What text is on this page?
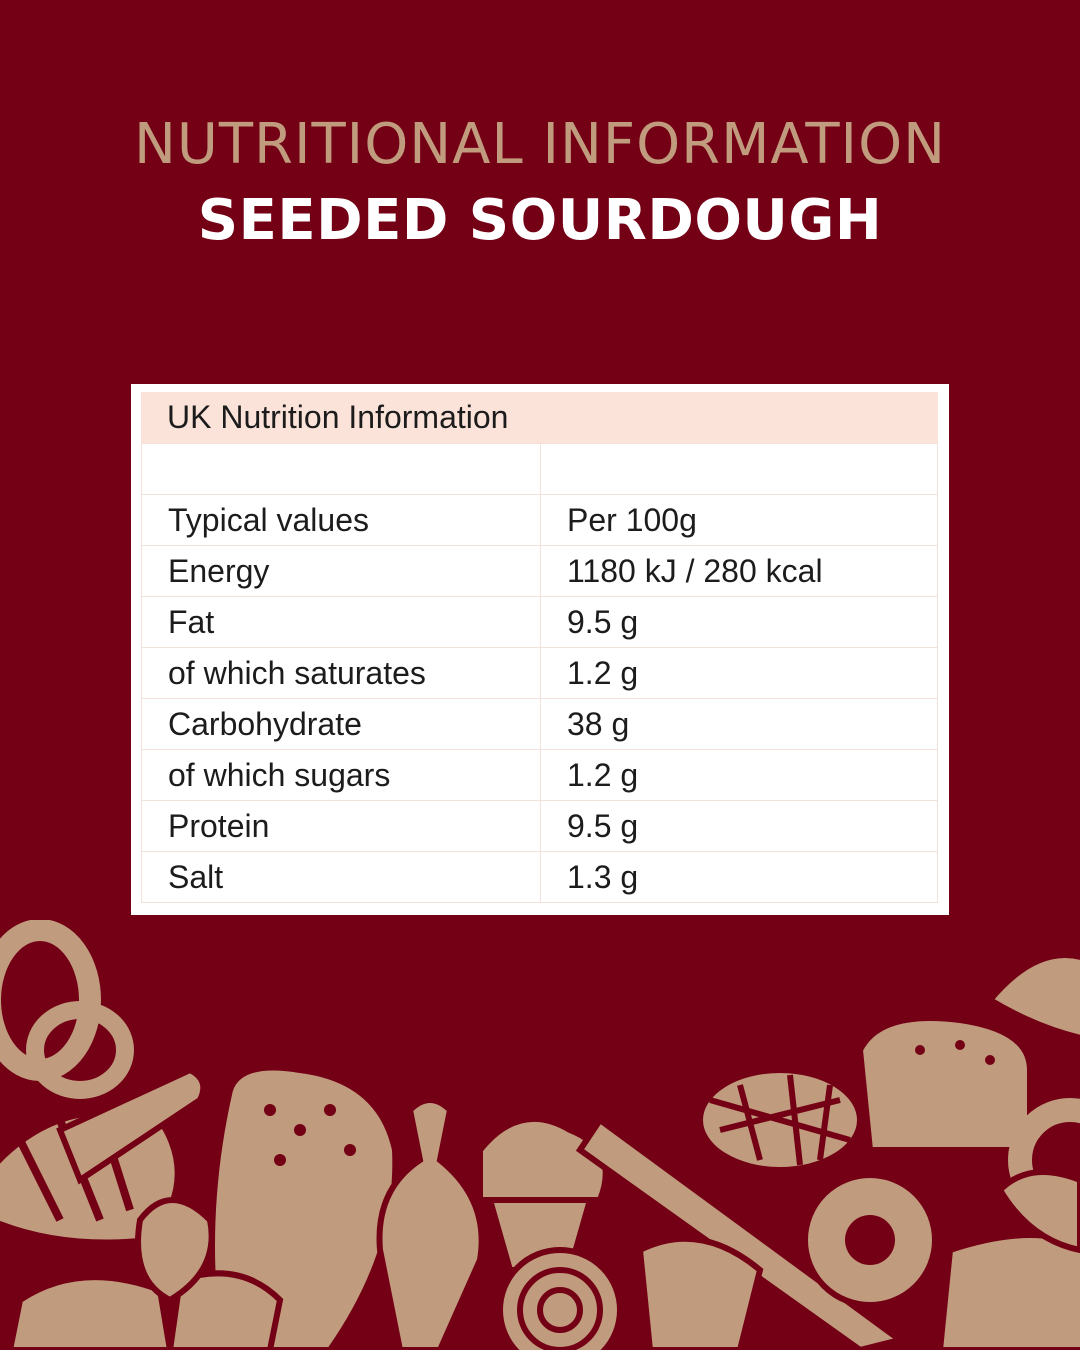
NUTRITIONAL INFORMATION
SEEDED SOURDOUGH
UK Nutrition Information

Typical values	Per 100g
Energy	1180 kJ / 280 kcal
Fat	9.5 g
of which saturates	1.2 g
Carbohydrate	38 g
of which sugars	1.2 g
Protein	9.5 g
Salt	1.3 g
